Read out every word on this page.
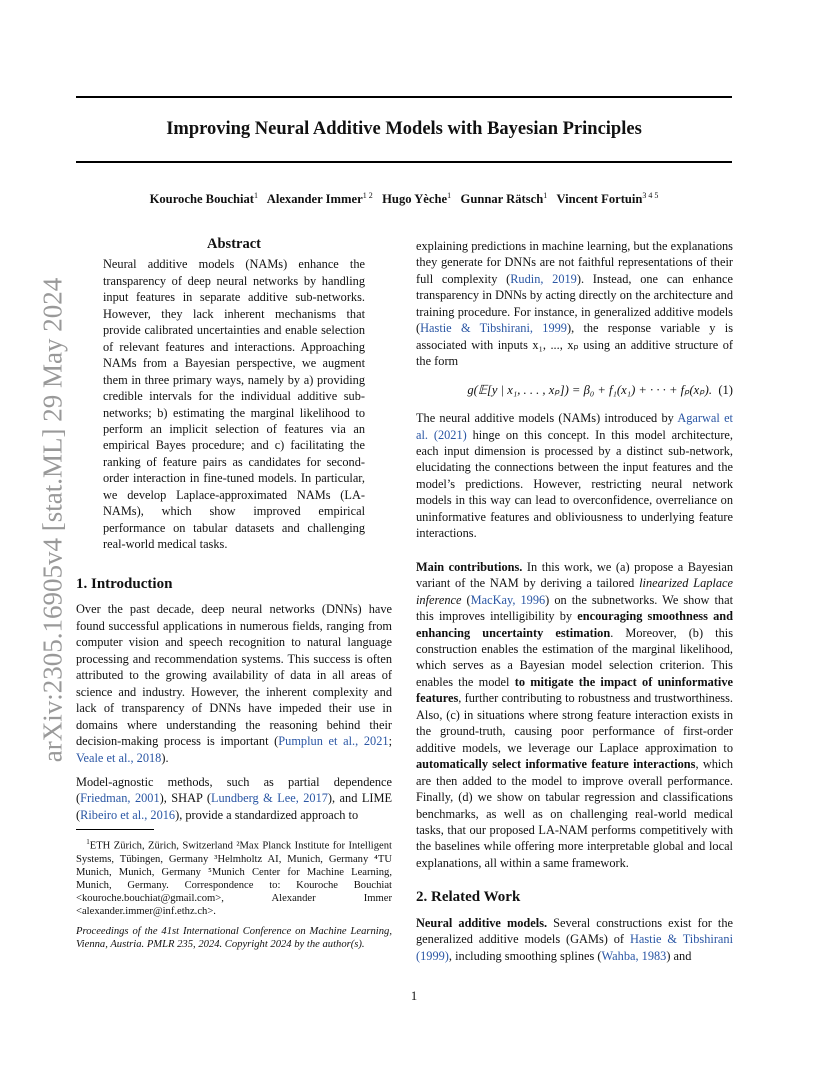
Improving Neural Additive Models with Bayesian Principles
Kouroche Bouchiat$^1$ Alexander Immer$^{1 2}$ Hugo Yèche$^1$ Gunnar Rätsch$^1$ Vincent Fortuin$^{3 4 5}$
arXiv:2305.16905v4 [stat.ML] 29 May 2024
Abstract

Neural additive models (NAMs) enhance the transparency of deep neural networks by handling input features in separate additive sub-networks. However, they lack inherent mechanisms that provide calibrated uncertainties and enable selection of relevant features and interactions. Approaching NAMs from a Bayesian perspective, we augment them in three primary ways, namely by a) providing credible intervals for the individual additive sub-networks; b) estimating the marginal likelihood to perform an implicit selection of features via an empirical Bayes procedure; and c) facilitating the ranking of feature pairs as candidates for second-order interaction in fine-tuned models. In particular, we develop Laplace-approximated NAMs (LA-NAMs), which show improved empirical performance on tabular datasets and challenging real-world medical tasks.

1. Introduction

Over the past decade, deep neural networks (DNNs) have found successful applications in numerous fields, ranging from computer vision and speech recognition to natural language processing and recommendation systems. This success is often attributed to the growing availability of data in all areas of science and industry. However, the inherent complexity and lack of transparency of DNNs have impeded their use in domains where understanding the reasoning behind their decision-making process is important (Pumplun et al., 2021; Veale et al., 2018).

Model-agnostic methods, such as partial dependence (Friedman, 2001), SHAP (Lundberg & Lee, 2017), and LIME (Ribeiro et al., 2016), provide a standardized approach to

$^1$ETH Zürich, Zürich, Switzerland ²Max Planck Institute for Intelligent Systems, Tübingen, Germany ³Helmholtz AI, Munich, Germany ⁴TU Munich, Munich, Germany ⁵Munich Center for Machine Learning, Munich, Germany. Correspondence to: Kouroche Bouchiat <kouroche.bouchiat@gmail.com>, Alexander Immer <alexander.immer@inf.ethz.ch>.
Proceedings of the 41st International Conference on Machine Learning, Vienna, Austria. PMLR 235, 2024. Copyright 2024 by the author(s).

explaining predictions in machine learning, but the explanations they generate for DNNs are not faithful representations of their full complexity (Rudin, 2019). Instead, one can enhance transparency in DNNs by acting directly on the architecture and training procedure. For instance, in generalized additive models (Hastie & Tibshirani, 1999), the response variable y is associated with inputs x₁, ..., xₚ using an additive structure of the form

g(𝔼[y | x₁, . . . , xₚ]) = β₀ + f₁(x₁) + · · · + fₚ(xₚ). (1)

The neural additive models (NAMs) introduced by Agarwal et al. (2021) hinge on this concept. In this model architecture, each input dimension is processed by a distinct sub-network, elucidating the connections between the input features and the model’s predictions. However, restricting neural network models in this way can lead to overconfidence, overreliance on uninformative features and obliviousness to underlying feature interactions.

Main contributions. In this work, we (a) propose a Bayesian variant of the NAM by deriving a tailored linearized Laplace inference (MacKay, 1996) on the subnetworks. We show that this improves intelligibility by encouraging smoothness and enhancing uncertainty estimation. Moreover, (b) this construction enables the estimation of the marginal likelihood, which serves as a Bayesian model selection criterion. This enables the model to mitigate the impact of uninformative features, further contributing to robustness and trustworthiness. Also, (c) in situations where strong feature interaction exists in the ground-truth, causing poor performance of first-order additive models, we leverage our Laplace approximation to automatically select informative feature interactions, which are then added to the model to improve overall performance. Finally, (d) we show on tabular regression and classifications benchmarks, as well as on challenging real-world medical tasks, that our proposed LA-NAM performs competitively with the baselines while offering more interpretable global and local explanations, all within a same framework.

2. Related Work

Neural additive models. Several constructions exist for the generalized additive models (GAMs) of Hastie & Tibshirani (1999), including smoothing splines (Wahba, 1983) and

1
